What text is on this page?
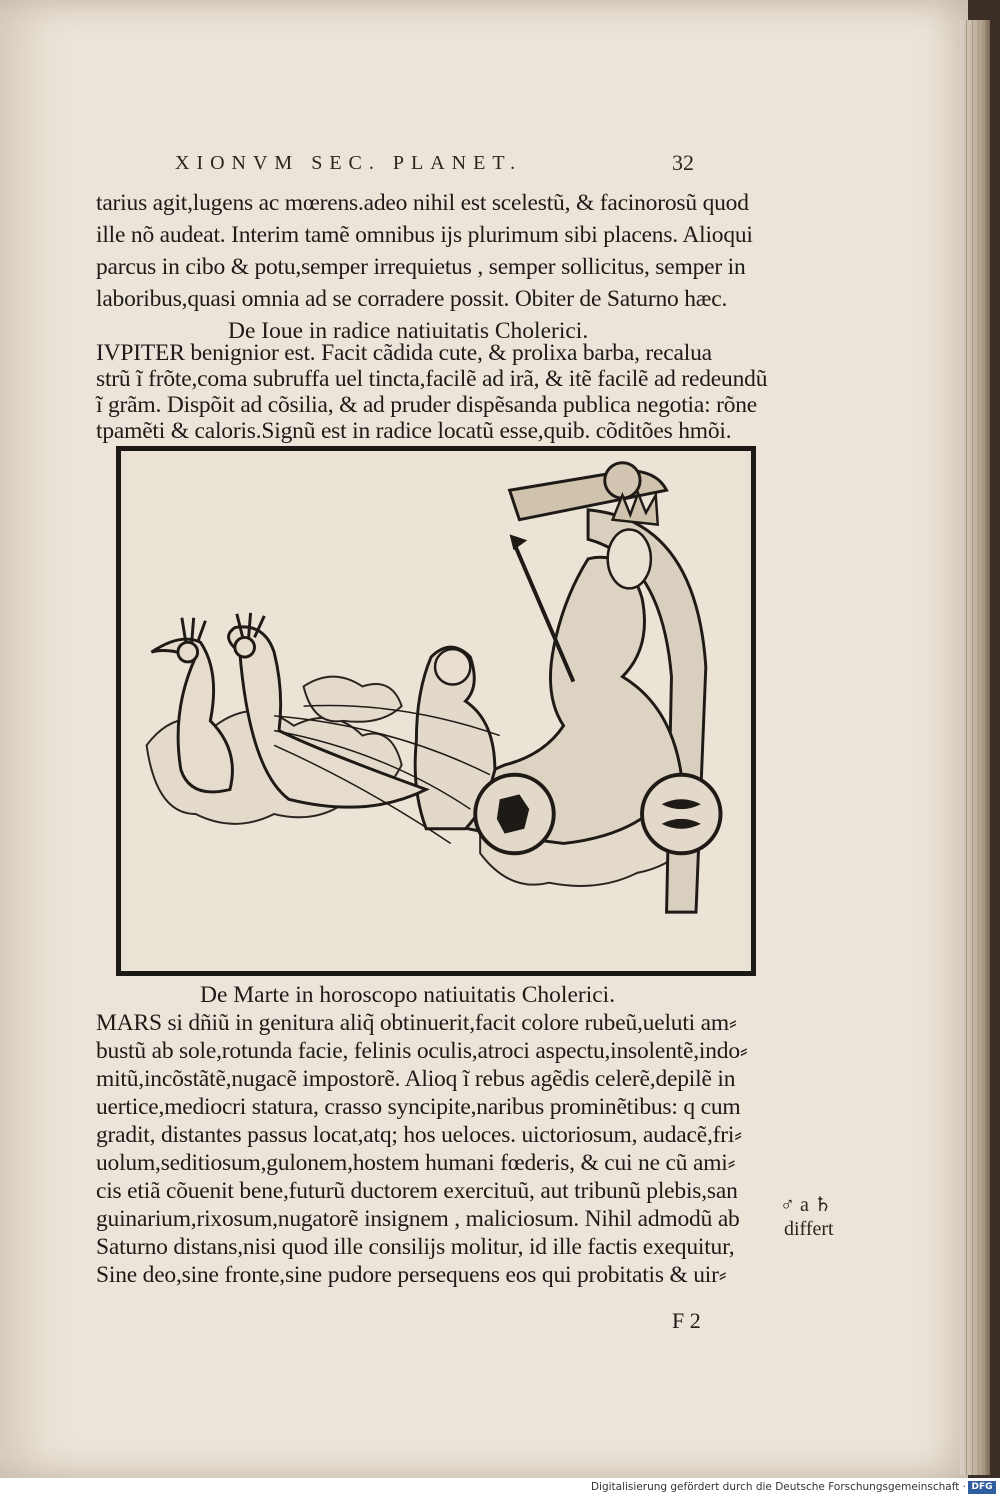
XIONVM SEC. PLANET.	32
tarius agit,lugens ac mœrens.adeo nihil est scelestũ, & facinorosũ quod
ille nõ audeat. Interim tamẽ omnibus ijs plurimum sibi placens. Alioqui
parcus in cibo & potu,semper irrequietus , semper sollicitus, semper in
laboribus,quasi omnia ad se corradere possit. Obiter de Saturno hæc.
De Ioue in radice natiuitatis Cholerici.
IVPITER benignior est. Facit cãdida cute, & prolixa barba, recalua
strũ ĩ frõte,coma subruffa uel tincta,facilẽ ad irã, & itẽ facilẽ ad redeundũ
ĩ grãm. Dispõit ad cõsilia, & ad pruder dispẽsanda publica negotia: rõne
De Marte in horoscopo natiuitatis Cholerici.
MARS si dñiũ in genitura aliq̃ obtinuerit,facit colore rubeũ,ueluti am⸗
bustũ ab sole,rotunda facie, felinis oculis,atroci aspectu,insolentẽ,indo⸗
mitũ,incõstãtẽ,nugacẽ impostorẽ. Alioq ĩ rebus agẽdis celerẽ,depilẽ in
uertice,mediocri statura, crasso syncipite,naribus prominẽtibus: q cum
gradit, distantes passus locat,atq; hos ueloces. uictoriosum, audacẽ,fri⸗
uolum,seditiosum,gulonem,hostem humani fœderis, & cui ne cũ ami⸗
cis etiã cõuenit bene,futurũ ductorem exercituũ, aut tribunũ plebis,san
guinarium,rixosum,nugatorẽ insignem , maliciosum. Nihil admodũ ab
♂ a ♄
differt
F 2
Digitalisierung gefördert durch die Deutsche Forschungsgemeinschaft · DFG
tpamẽti & caloris.Signũ est in radice locatũ esse,quib. cõditões hmõi.
Saturno distans,nisi quod ille consilijs molitur, id ille factis exequitur,
Sine deo,sine fronte,sine pudore persequens eos qui probitatis & uir⸗
